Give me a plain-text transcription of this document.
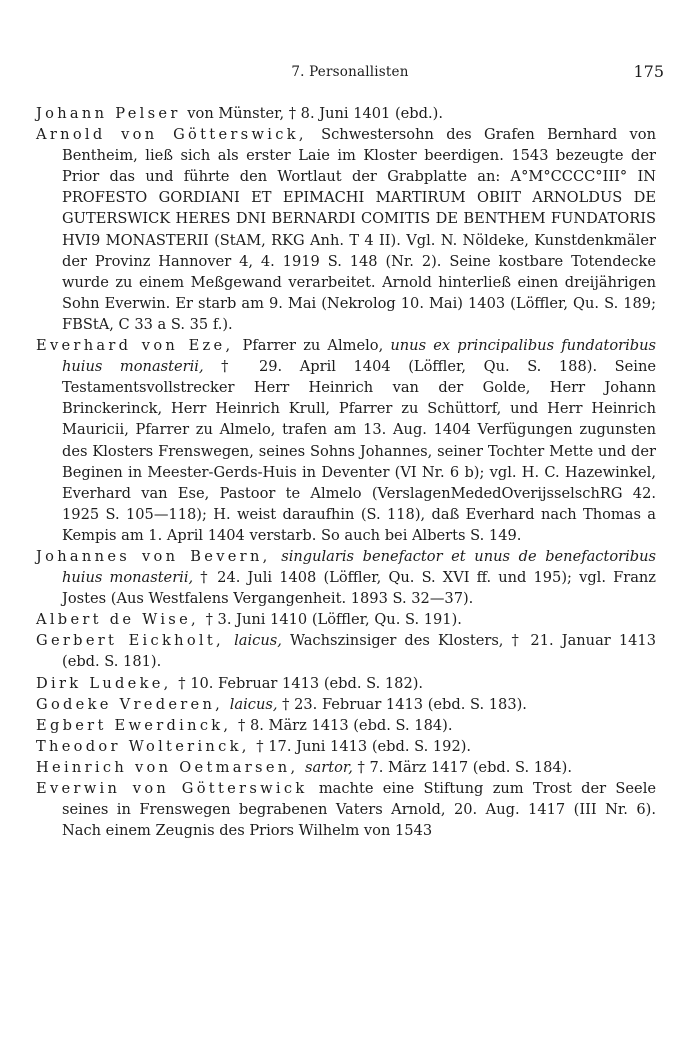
7. Personallisten	175
Johann Pelser von Münster, † 8. Juni 1401 (ebd.).
Arnold von Götterswick, Schwestersohn des Grafen Bernhard von Bentheim, ließ sich als erster Laie im Kloster beerdigen. 1543 bezeugte der Prior das und führte den Wortlaut der Grabplatte an: A°M°CCCC°III° IN PROFESTO GORDIANI ET EPIMACHI MARTIRUM OBIIT ARNOLDUS DE GUTERSWICK HERES DNI BERNARDI COMITIS DE BENTHEM FUNDATORIS HVI9 MONASTERII (StAM, RKG Anh. T 4 II). Vgl. N. Nöldeke, Kunstdenkmäler der Provinz Hannover 4, 4. 1919 S. 148 (Nr. 2). Seine kostbare Totendecke wurde zu einem Meßgewand verarbeitet. Arnold hinterließ einen dreijährigen Sohn Everwin. Er starb am 9. Mai (Nekrolog 10. Mai) 1403 (Löffler, Qu. S. 189; FBStA, C 33 a S. 35 f.).
Everhard von Eze, Pfarrer zu Almelo, unus ex principalibus fundatoribus huius monasterii, † 29. April 1404 (Löffler, Qu. S. 188). Seine Testamentsvollstrecker Herr Heinrich van der Golde, Herr Johann Brinckerinck, Herr Heinrich Krull, Pfarrer zu Schüttorf, und Herr Heinrich Mauricii, Pfarrer zu Almelo, trafen am 13. Aug. 1404 Verfügungen zugunsten des Klosters Frenswegen, seines Sohns Johannes, seiner Tochter Mette und der Beginen in Meester-Gerds-Huis in Deventer (VI Nr. 6 b); vgl. H. C. Hazewinkel, Everhard van Ese, Pastoor te Almelo (VerslagenMededOverijsselschRG 42. 1925 S. 105—118); H. weist daraufhin (S. 118), daß Everhard nach Thomas a Kempis am 1. April 1404 verstarb. So auch bei Alberts S. 149.
Johannes von Bevern, singularis benefactor et unus de benefactoribus huius monasterii, † 24. Juli 1408 (Löffler, Qu. S. XVI ff. und 195); vgl. Franz Jostes (Aus Westfalens Vergangenheit. 1893 S. 32—37).
Albert de Wise, † 3. Juni 1410 (Löffler, Qu. S. 191).
Gerbert Eickholt, laicus, Wachszinsiger des Klosters, † 21. Januar 1413 (ebd. S. 181).
Dirk Ludeke, † 10. Februar 1413 (ebd. S. 182).
Godeke Vrederen, laicus, † 23. Februar 1413 (ebd. S. 183).
Egbert Ewerdinck, † 8. März 1413 (ebd. S. 184).
Theodor Wolterinck, † 17. Juni 1413 (ebd. S. 192).
Heinrich von Oetmarsen, sartor, † 7. März 1417 (ebd. S. 184).
Everwin von Götterswick machte eine Stiftung zum Trost der Seele seines in Frenswegen begrabenen Vaters Arnold, 20. Aug. 1417 (III Nr. 6). Nach einem Zeugnis des Priors Wilhelm von 1543
